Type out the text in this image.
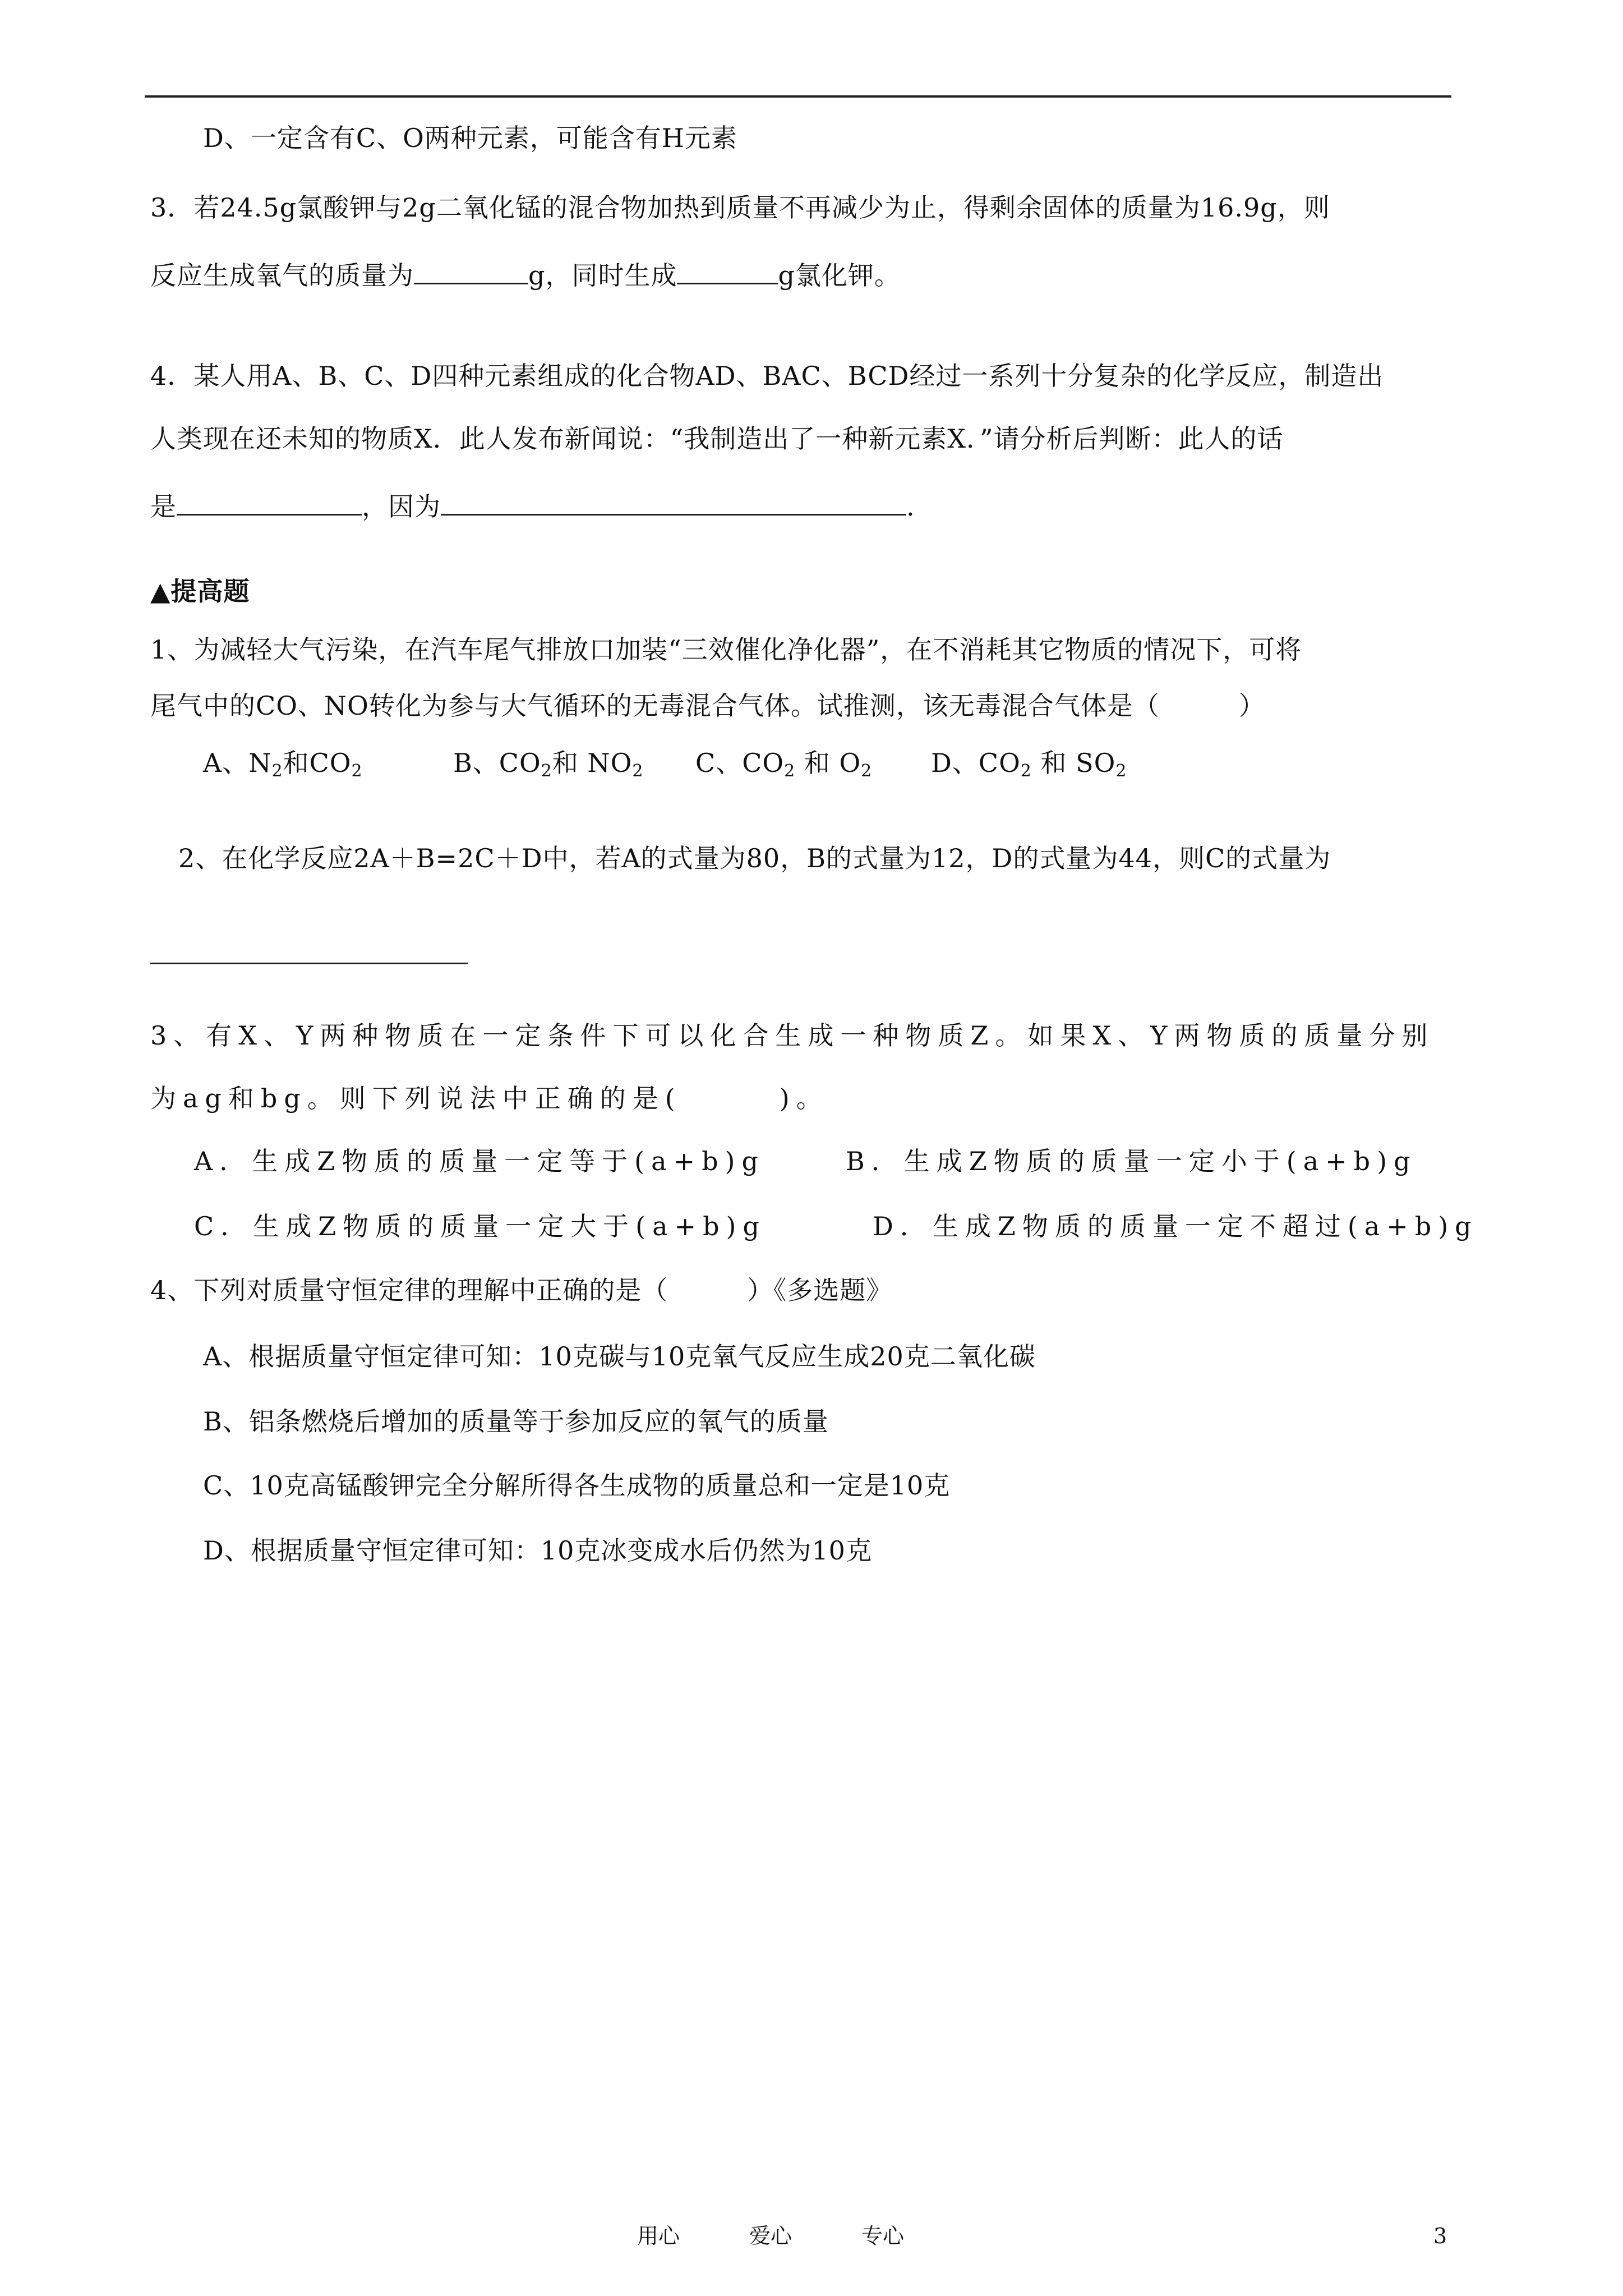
D、一定含有C、O两种元素，可能含有H元素
3．若24.5g氯酸钾与2g二氧化锰的混合物加热到质量不再减少为止，得剩余固体的质量为16.9g，则
反应生成氧气的质量为	g，同时生成	g氯化钾。
4．某人用A、B、C、D四种元素组成的化合物AD、BAC、BCD经过一系列十分复杂的化学反应，制造出
人类现在还未知的物质X．此人发布新闻说：“我制造出了一种新元素X．”请分析后判断：此人的话
是	，因为	.
▲提高题
1、为减轻大气污染，在汽车尾气排放口加装“三效催化净化器”，在不消耗其它物质的情况下，可将
尾气中的CO、NO转化为参与大气循环的无毒混合气体。试推测，该无毒混合气体是（　　　）
A、$N_2$和$CO_2$	B、$CO_2$和 $NO_2$ C、$CO_2$ 和 $O_2$ D、$CO_2$ 和 $SO_2$
2、在化学反应2A＋B=2C＋D中，若A的式量为80，B的式量为12，D的式量为44，则C的式量为
3、有X、Y两种物质在一定条件下可以化合生成一种物质Z。如果X、Y两物质的质量分别
为ag和bg。则下列说法中正确的是(　　　)。
A．生成Z物质的质量一定等于(a+b)g	B．生成Z物质的质量一定小于(a+b)g
C．生成Z物质的质量一定大于(a+b)g	D．生成Z物质的质量一定不超过(a+b)g
4、下列对质量守恒定律的理解中正确的是（　　　）《多选题》
A、根据质量守恒定律可知：10克碳与10克氧气反应生成20克二氧化碳
B、铝条燃烧后增加的质量等于参加反应的氧气的质量
C、10克高锰酸钾完全分解所得各生成物的质量总和一定是10克
D、根据质量守恒定律可知：10克冰变成水后仍然为10克
用心	爱心	专心	3
